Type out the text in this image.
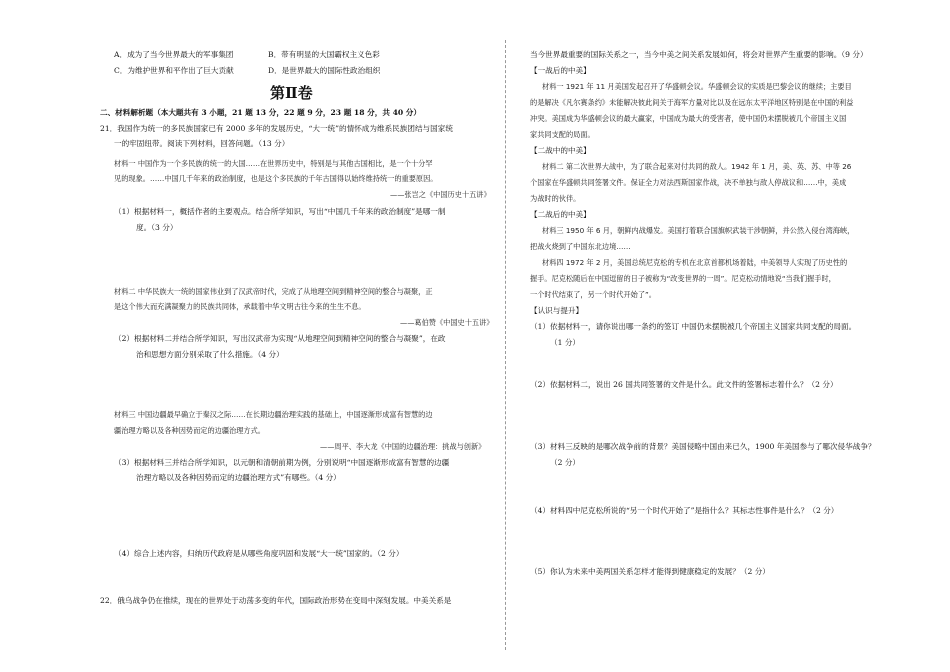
A．成为了当今世界最大的军事集团	B．带有明显的大国霸权主义色彩
C．为维护世界和平作出了巨大贡献	D．是世界最大的国际性政治组织
第Ⅱ卷
二、材料解析题（本大题共有 3 小题，21 题 13 分，22 题 9 分，23 题 18 分，共 40 分）
21．我国作为统一的多民族国家已有 2000 多年的发展历史，“大一统”的情怀成为维系民族团结与国家统
一的牢固纽带。阅读下列材料，回答问题。（13 分）
材料一 中国作为一个多民族的统一的大国……在世界历史中，特别是与其他古国相比，是一个十分罕
见的现象。……中国几千年来的政治制度，也是这个多民族的千年古国得以始终维持统一的重要原因。
——张岂之《中国历史十五讲》
（1）根据材料一，概括作者的主要观点。结合所学知识，写出“中国几千年来的政治制度”是哪一制
度。（3 分）
材料二 中华民族大一统的国家伟业到了汉武帝时代，完成了从地理空间到精神空间的整合与凝聚，正
是这个伟大而充满凝聚力的民族共同体，承载着中华文明古往今来的生生不息。
——葛伯赞《中国史十五讲》
（2）根据材料二并结合所学知识，写出汉武帝为实现“从地理空间到精神空间的整合与凝聚”，在政
治和思想方面分别采取了什么措施。（4 分）
材料三 中国边疆最早确立于秦汉之际……在长期边疆治理实践的基础上，中国逐渐形成富有智慧的边
疆治理方略以及各种因势而定的边疆治理方式。
——周平、李大龙《中国的边疆治理：挑战与创新》
（3）根据材料三并结合所学知识，以元朝和清朝前期为例，分别说明“中国逐渐形成富有智慧的边疆
治理方略以及各种因势而定的边疆治理方式”有哪些。（4 分）
（4）综合上述内容，归纳历代政府是从哪些角度巩固和发展“大一统”国家的。（2 分）
22．俄乌战争仍在推续，现在的世界处于动荡多变的年代，国际政治形势在变局中深刻发展。中美关系是
当今世界最重要的国际关系之一，当今中美之间关系发展如何，将会对世界产生重要的影响。（9 分）
【一战后的中美】
材料一 1921 年 11 月美国发起召开了华盛顿会议。华盛顿会议的实质是巴黎会议的继续；主要目
的是解决《凡尔赛条约》未能解决彼此间关于海军方量对比以及在远东太平洋地区特别是在中国的利益
冲突。美国成为华盛顿会议的最大赢家，中国成为最大的受害者，使中国仍未摆脱被几个帝国主义国
家共同支配的局面。
【二战中的中美】
材料二 第二次世界大战中，为了联合起来对付共同的敌人。1942 年 1 月，美、英、苏、中等 26
个国家在华盛顿共同签署文件。保证全力对法西斯国家作战，决不单独与敌人停战议和……中，美成
为战时的伙伴。
【二战后的中美】
材料三 1950 年 6 月，朝鲜内战爆发。美国打着联合国旗帜武装干涉朝鲜，并公然入侵台湾海峡，
把战火烧到了中国东北边境……
材料四 1972 年 2 月，美国总统尼克松的专机在北京首都机场着陆，中美领导人实现了历史性的
握手。尼克松随后在中国逗留的日子被称为“改变世界的一周”。尼克松动情地说“当我们握手时，
一个时代结束了，另一个时代开始了”。
【认识与提升】
（1）依据材料一，请你说出哪一条约的签订 中国仍未摆脱被几个帝国主义国家共同支配的局面。
（1 分）
（2）依据材料二，说出 26 国共同签署的文件是什么。此文件的签署标志着什么？（2 分）
（3）材料三反映的是哪次战争前的背景？美国侵略中国由来已久，1900 年美国参与了哪次侵华战争？
（2 分）
（4）材料四中尼克松所说的“另一个时代开始了”是指什么？其标志性事件是什么？（2 分）
（5）你认为未来中美两国关系怎样才能得到健康稳定的发展？（2 分）
